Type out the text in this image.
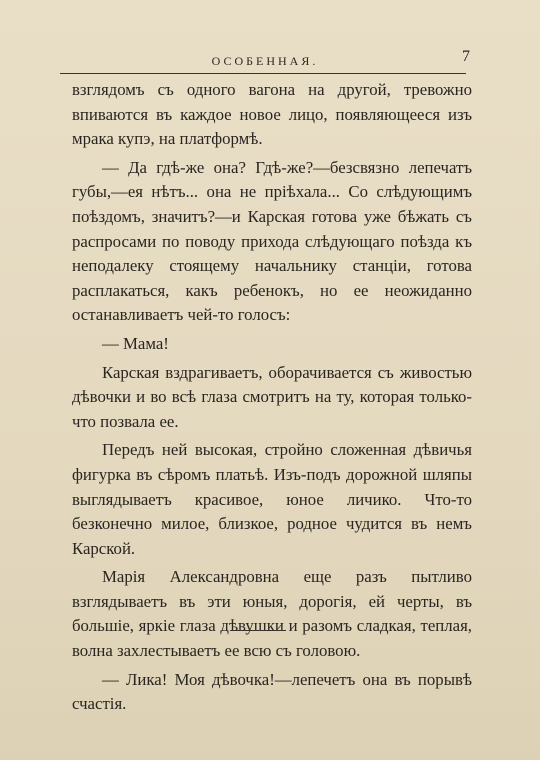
ОСОБЕННАЯ.	7

взглядомъ съ одного вагона на другой, тревожно впиваются въ каждое новое лицо, появляющееся изъ мрака купэ, на платформѣ.

— Да гдѣ-же она? Гдѣ-же?—безсвязно лепечатъ губы,—ея нѣтъ... она не пріѣхала... Со слѣдующимъ поѣздомъ, значитъ?—и Карская готова уже бѣжать съ распросами по поводу прихода слѣдующаго поѣзда къ неподалеку стоящему начальнику станціи, готова расплакаться, какъ ребенокъ, но ее неожиданно останавливаетъ чей-то голосъ:

— Мама!

Карская вздрагиваетъ, оборачивается съ живостью дѣвочки и во всѣ глаза смотритъ на ту, которая только-что позвала ее.

Передъ ней высокая, стройно сложенная дѣвичья фигурка въ сѣромъ платьѣ. Изъ-подъ дорожной шляпы выглядываетъ красивое, юное личико. Что-то безконечно милое, близкое, родное чудится въ немъ Карской.

Марія Александровна еще разъ пытливо взглядываетъ въ эти юныя, дорогія, ей черты, въ большіе, яркіе глаза дѣвушки и разомъ сладкая, теплая, волна захлестываетъ ее всю съ головою.

— Лика! Моя дѣвочка!—лепечетъ она въ порывѣ счастія.
